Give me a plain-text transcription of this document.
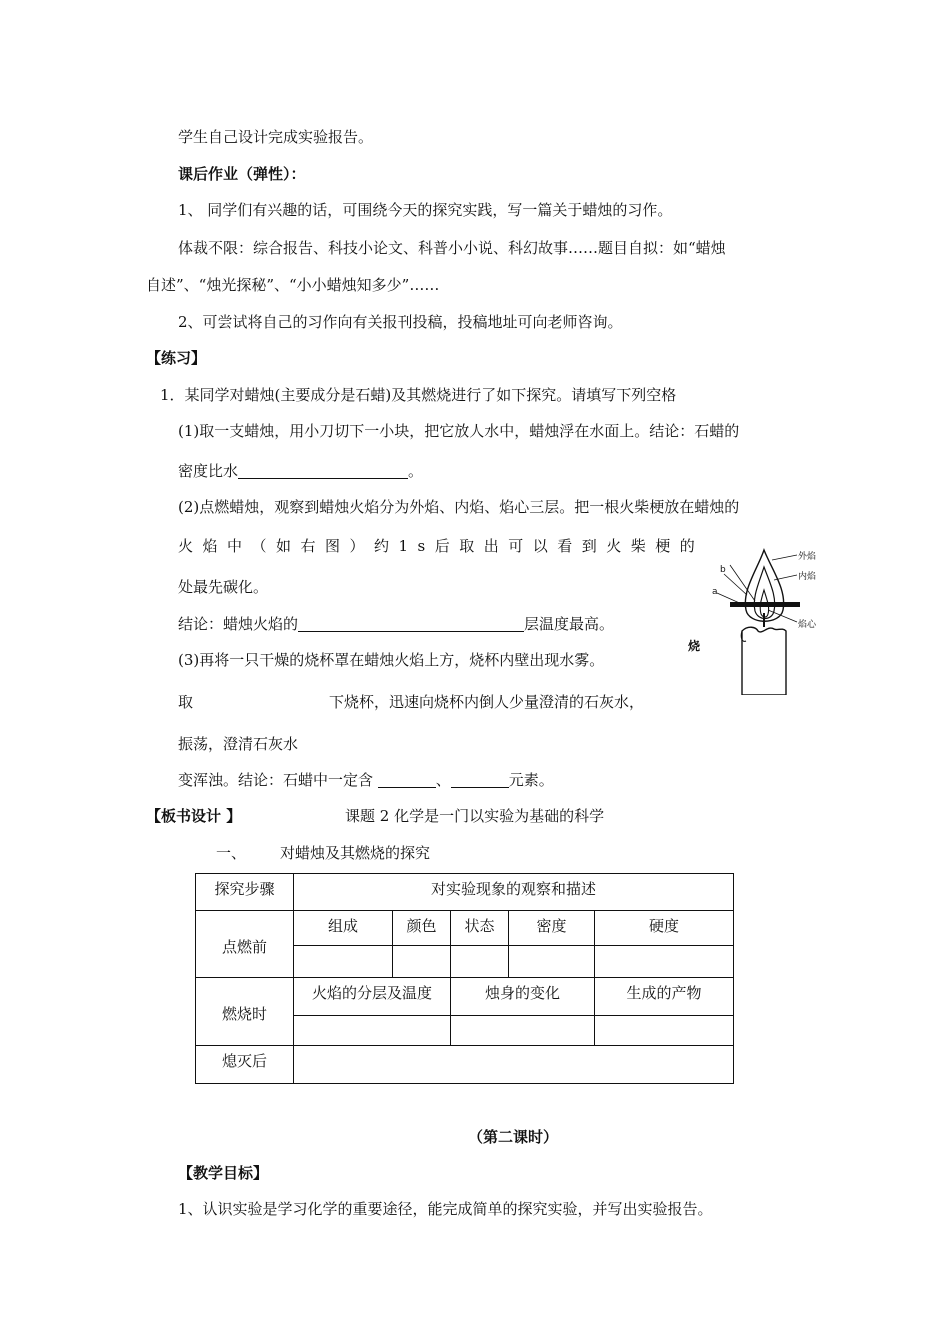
学生自己设计完成实验报告。
课后作业（弹性）：
1、 同学们有兴趣的话，可围绕今天的探究实践，写一篇关于蜡烛的习作。
体裁不限：综合报告、科技小论文、科普小小说、科幻故事……题目自拟：如“蜡烛
自述”、“烛光探秘”、“小小蜡烛知多少”……
2、可尝试将自己的习作向有关报刊投稿，投稿地址可向老师咨询。
【练习】
1．某同学对蜡烛(主要成分是石蜡)及其燃烧进行了如下探究。请填写下列空格
(1)取一支蜡烛，用小刀切下一小块，把它放人水中，蜡烛浮在水面上。结论：石蜡的
密度比水	。
(2)点燃蜡烛，观察到蜡烛火焰分为外焰、内焰、焰心三层。把一根火柴梗放在蜡烛的
火焰中（如右图）约1s后取出可以看到火柴梗的
处最先碳化。
结论：蜡烛火焰的	层温度最高。
(3)再将一只干燥的烧杯罩在蜡烛火焰上方，烧杯内壁出现水雾。
取	下烧杯，迅速向烧杯内倒人少量澄清的石灰水，
振荡，澄清石灰水
变浑浊。结论：石蜡中一定含	、	元素。
外焰
内焰
焰心
b
a
烧
【板书设计 】	课题 2 化学是一门以实验为基础的科学
一、 对蜡烛及其燃烧的探究
探究步骤	对实验现象的观察和描述				
点燃前	组成	颜色	状态	密度	硬度

燃烧时	火焰的分层及温度		烛身的变化		生成的产物

熄灭后					
（第二课时）
【教学目标】
1、认识实验是学习化学的重要途径，能完成简单的探究实验，并写出实验报告。
